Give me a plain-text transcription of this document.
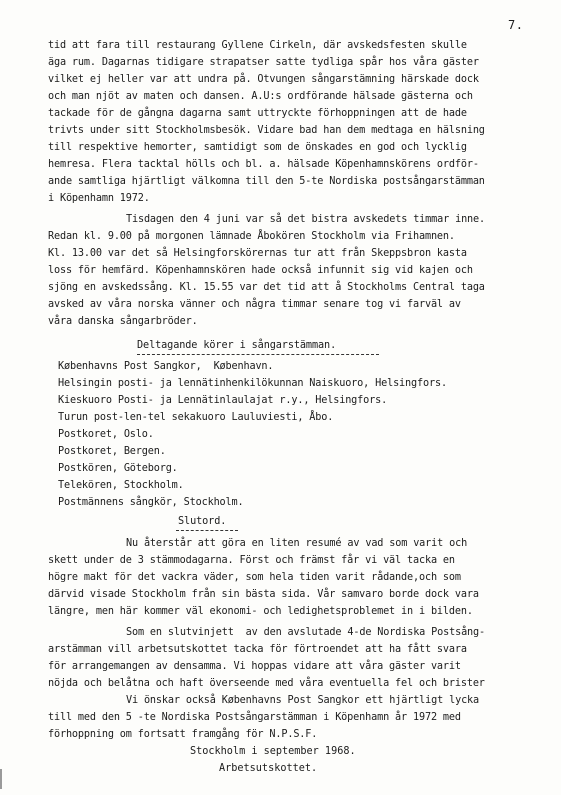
7.
tid att fara till restaurang Gyllene Cirkeln, där avskedsfesten skulle
äga rum. Dagarnas tidigare strapatser satte tydliga spår hos våra gäster
vilket ej heller var att undra på. Otvungen sångarstämning härskade dock
och man njöt av maten och dansen. A.U:s ordförande hälsade gästerna och
tackade för de gångna dagarna samt uttryckte förhoppningen att de hade
trivts under sitt Stockholmsbesök. Vidare bad han dem medtaga en hälsning
till respektive hemorter, samtidigt som de önskades en god och lycklig
hemresa. Flera tacktal hölls och bl. a. hälsade Köpenhamnskörens ordför-
ande samtliga hjärtligt välkomna till den 5-te Nordiska postsångarstämman
i Köpenhamn 1972.
Tisdagen den 4 juni var så det bistra avskedets timmar inne.
Redan kl. 9.00 på morgonen lämnade Åbokören Stockholm via Frihamnen.
Kl. 13.00 var det så Helsingforskörernas tur att från Skeppsbron kasta
loss för hemfärd. Köpenhamnskören hade också infunnit sig vid kajen och
sjöng en avskedssång. Kl. 15.55 var det tid att å Stockholms Central taga
avsked av våra norska vänner och några timmar senare tog vi farväl av
våra danska sångarbröder.
Deltagande körer i sångarstämman.
Københavns Post Sangkor,  København.
Helsingin posti- ja lennätinhenkilökunnan Naiskuoro, Helsingfors.
Kieskuoro Posti- ja Lennätinlaulajat r.y., Helsingfors.
Turun post-len-tel sekakuoro Lauluviesti, Åbo.
Postkoret, Oslo.
Postkoret, Bergen.
Postkören, Göteborg.
Telekören, Stockholm.
Postmännens sångkör, Stockholm.
Slutord.
Nu återstår att göra en liten resumé av vad som varit och
skett under de 3 stämmodagarna. Först och främst får vi väl tacka en
högre makt för det vackra väder, som hela tiden varit rådande,och som
därvid visade Stockholm från sin bästa sida. Vår samvaro borde dock vara
längre, men här kommer väl ekonomi- och ledighetsproblemet in i bilden.
Som en slutvinjett  av den avslutade 4-de Nordiska Postsång-
arstämman vill arbetsutskottet tacka för förtroendet att ha fått svara
för arrangemangen av densamma. Vi hoppas vidare att våra gäster varit
nöjda och belåtna och haft överseende med våra eventuella fel och brister
Vi önskar också Københavns Post Sangkor ett hjärtligt lycka
till med den 5 -te Nordiska Postsångarstämman i Köpenhamn år 1972 med
förhoppning om fortsatt framgång för N.P.S.F.
Stockholm i september 1968.
Arbetsutskottet.
